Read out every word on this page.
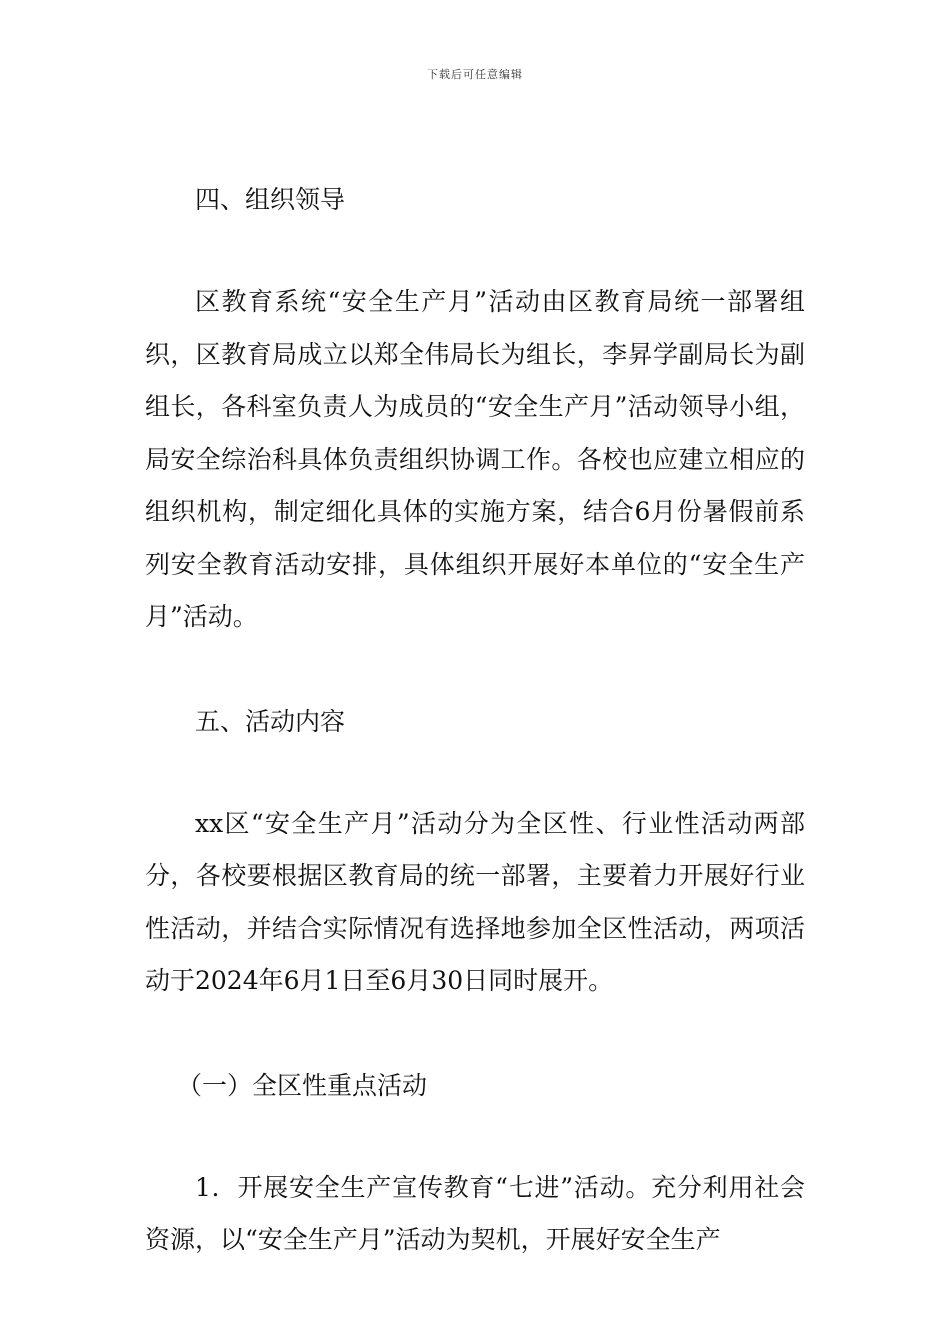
下载后可任意编辑

四、组织领导

区教育系统“安全生产月”活动由区教育局统一部署组织，区教育局成立以郑全伟局长为组长，李昇学副局长为副组长，各科室负责人为成员的“安全生产月”活动领导小组，局安全综治科具体负责组织协调工作。各校也应建立相应的组织机构，制定细化具体的实施方案，结合6月份暑假前系列安全教育活动安排，具体组织开展好本单位的“安全生产月”活动。

五、活动内容

xx区“安全生产月”活动分为全区性、行业性活动两部分，各校要根据区教育局的统一部署，主要着力开展好行业性活动，并结合实际情况有选择地参加全区性活动，两项活动于2024年6月1日至6月30日同时展开。

（一）全区性重点活动

1．开展安全生产宣传教育“七进”活动。充分利用社会资源，以“安全生产月”活动为契机，开展好安全生产
